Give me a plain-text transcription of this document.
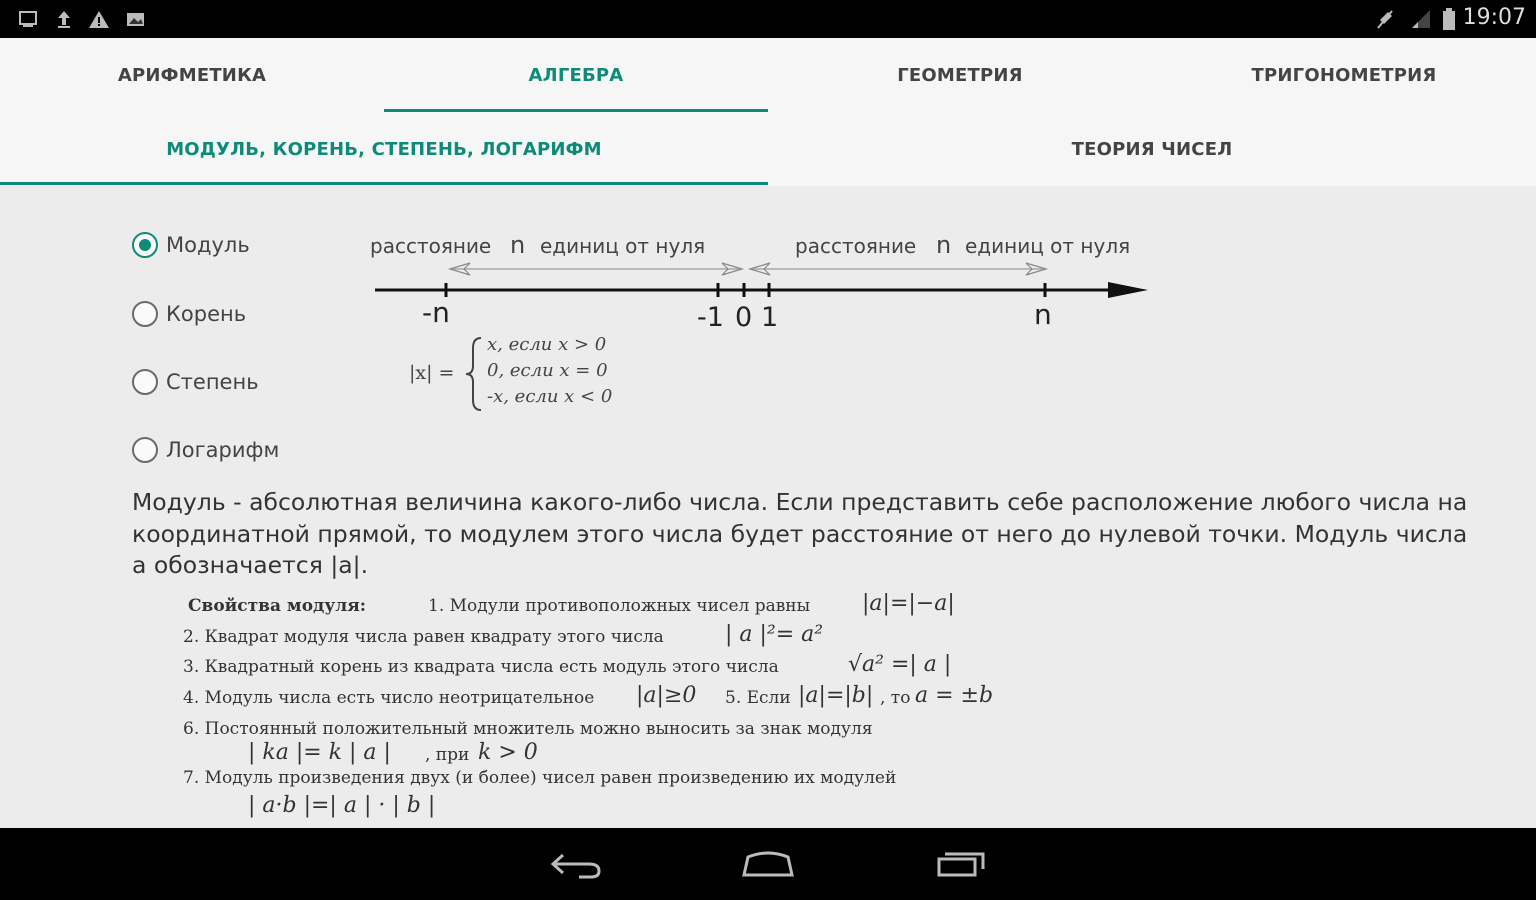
19:07
АРИФМЕТИКА	АЛГЕБРА	ГЕОМЕТРИЯ	ТРИГОНОМЕТРИЯ
МОДУЛЬ, КОРЕНЬ, СТЕПЕНЬ, ЛОГАРИФМ	ТЕОРИЯ ЧИСЕЛ
Модуль
Корень
Степень
Логарифм
расстояние n единиц от нуля	расстояние n единиц от нуля
-n	-1 0 1	n
|x| =
x, если x > 0
0, если x = 0
-x, если x < 0
Модуль - абсолютная величина какого-либо числа. Если представить себе расположение любого числа на координатной прямой, то модулем этого числа будет расстояние от него до нулевой точки. Модуль числа а обозначается |а|.
Свойства модуля:	1. Модули противоположных чисел равны |a|=|−a|
2. Квадрат модуля числа равен квадрату этого числа	| a |²= a²
3. Квадратный корень из квадрата числа есть модуль этого числа	√a² =| a |
4. Модуль числа есть число неотрицательное |a|≥0 5. Если |a|=|b| , то a = ±b
6. Постоянный положительный множитель можно выносить за знак модуля
| ka |= k | a | , при k > 0
7. Модуль произведения двух (и более) чисел равен произведению их модулей
| a·b |=| a | · | b |
